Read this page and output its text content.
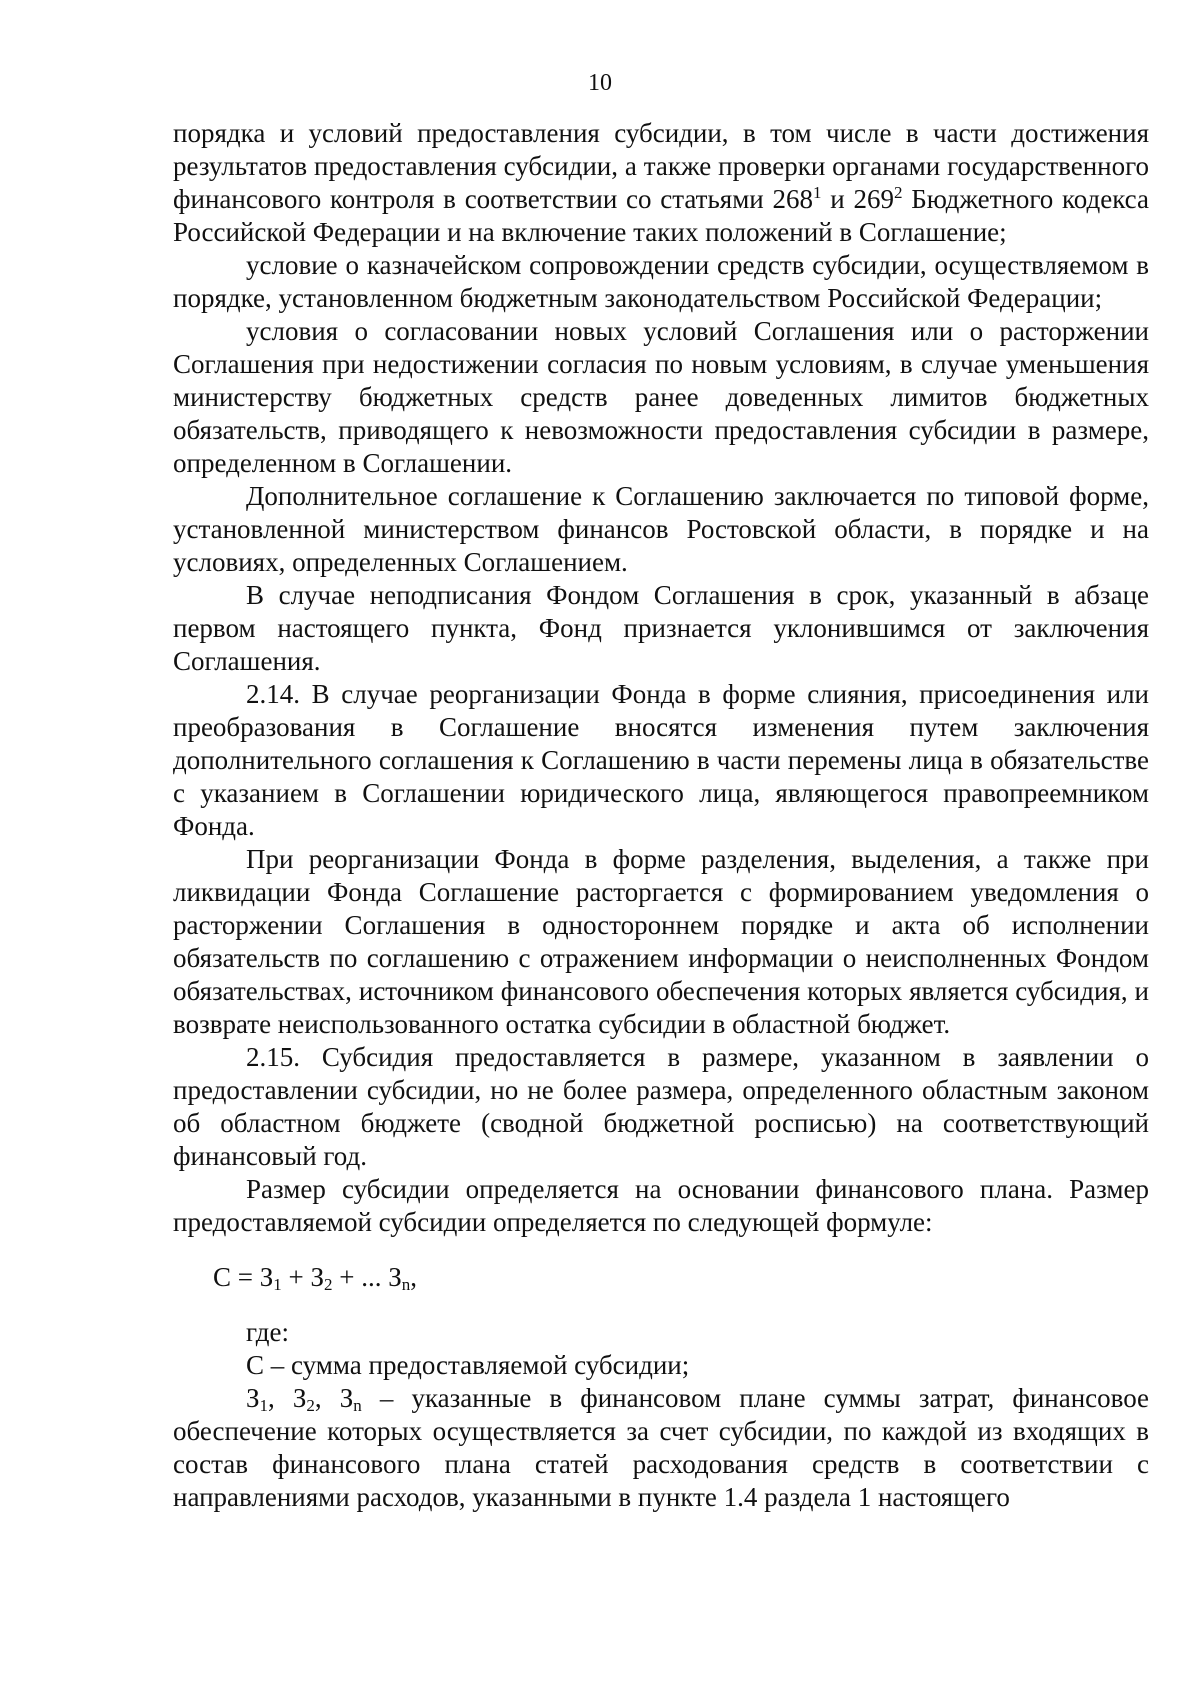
10

порядка и условий предоставления субсидии, в том числе в части достижения результатов предоставления субсидии, а также проверки органами государственного финансового контроля в соответствии со статьями $268^1$ и $269^2$ Бюджетного кодекса Российской Федерации и на включение таких положений в Соглашение;

условие о казначейском сопровождении средств субсидии, осуществляемом в порядке, установленном бюджетным законодательством Российской Федерации;

условия о согласовании новых условий Соглашения или о расторжении Соглашения при недостижении согласия по новым условиям, в случае уменьшения министерству бюджетных средств ранее доведенных лимитов бюджетных обязательств, приводящего к невозможности предоставления субсидии в размере, определенном в Соглашении.

Дополнительное соглашение к Соглашению заключается по типовой форме, установленной министерством финансов Ростовской области, в порядке и на условиях, определенных Соглашением.

В случае неподписания Фондом Соглашения в срок, указанный в абзаце первом настоящего пункта, Фонд признается уклонившимся от заключения Соглашения.

2.14. В случае реорганизации Фонда в форме слияния, присоединения или преобразования в Соглашение вносятся изменения путем заключения дополнительного соглашения к Соглашению в части перемены лица в обязательстве с указанием в Соглашении юридического лица, являющегося правопреемником Фонда.

При реорганизации Фонда в форме разделения, выделения, а также при ликвидации Фонда Соглашение расторгается с формированием уведомления о расторжении Соглашения в одностороннем порядке и акта об исполнении обязательств по соглашению с отражением информации о неисполненных Фондом обязательствах, источником финансового обеспечения которых является субсидия, и возврате неиспользованного остатка субсидии в областной бюджет.

2.15. Субсидия предоставляется в размере, указанном в заявлении о предоставлении субсидии, но не более размера, определенного областным законом об областном бюджете (сводной бюджетной росписью) на соответствующий финансовый год.

Размер субсидии определяется на основании финансового плана. Размер предоставляемой субсидии определяется по следующей формуле:

$С = З_1 + З_2$ + ... $З_n$,

где:

С – сумма предоставляемой субсидии;

$З_1$, $З_2$, $З_n$ – указанные в финансовом плане суммы затрат, финансовое обеспечение которых осуществляется за счет субсидии, по каждой из входящих в состав финансового плана статей расходования средств в соответствии с направлениями расходов, указанными в пункте 1.4 раздела 1 настоящего
